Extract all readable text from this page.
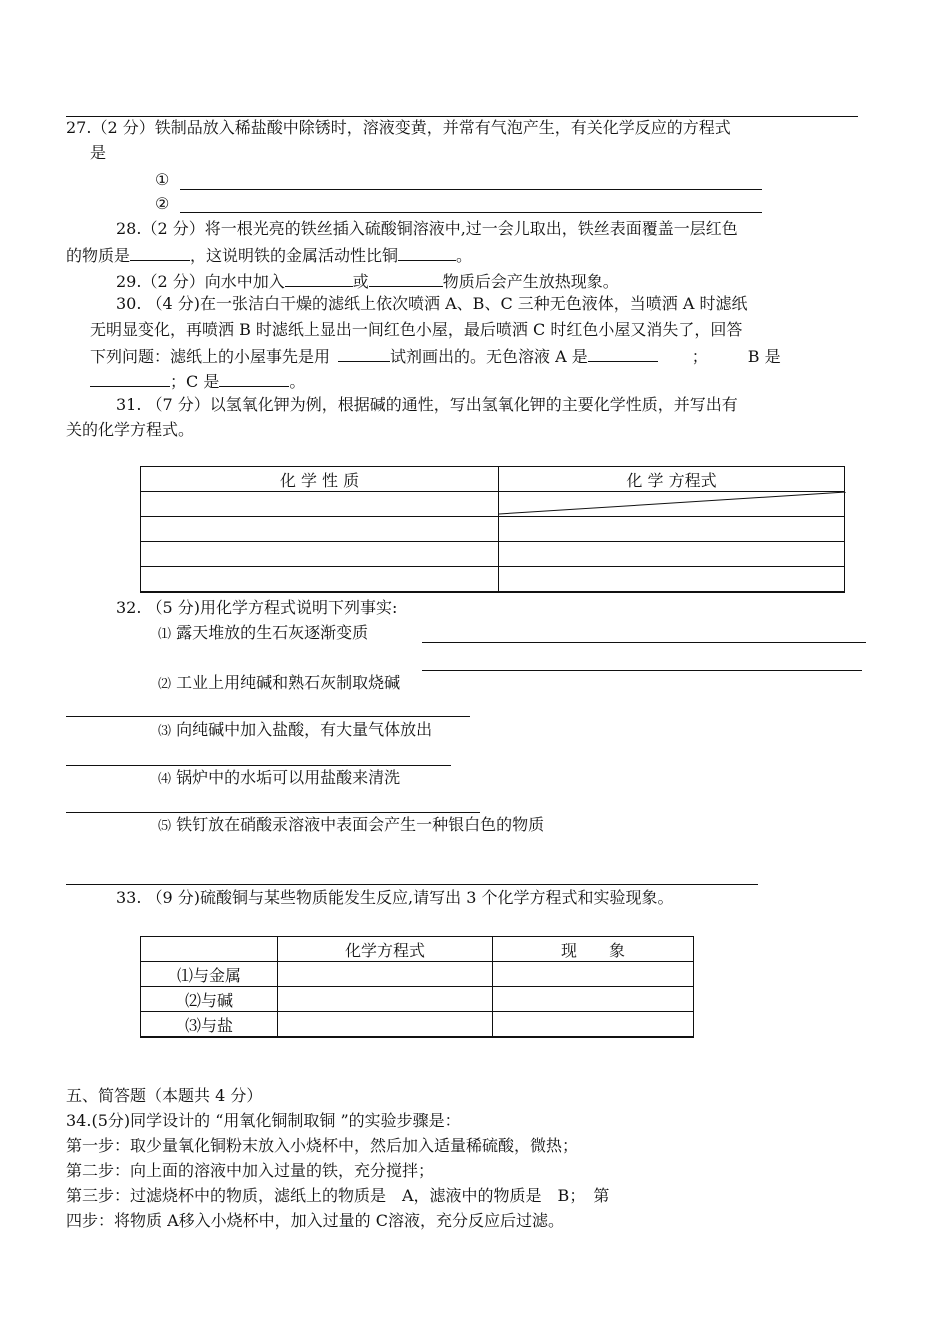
27.（2 分）铁制品放入稀盐酸中除锈时，溶液变黄，并常有气泡产生，有关化学反应的方程式
是
①
②
28.（2 分）将一根光亮的铁丝插入硫酸铜溶液中,过一会儿取出，铁丝表面覆盖一层红色
的物质是	，这说明铁的金属活动性比铜	。
29.（2 分）向水中加入	或	物质后会产生放热现象。
30. （4 分)在一张洁白干燥的滤纸上依次喷洒 A、B、C 三种无色液体，当喷洒 A 时滤纸
无明显变化，再喷洒 B 时滤纸上显出一间红色小屋，最后喷洒 C 时红色小屋又消失了，回答
下列问题：滤纸上的小屋事先是用	试剂画出的。无色溶液 A 是	；	B 是
；C 是	。
31. （7 分）以氢氧化钾为例，根据碱的通性，写出氢氧化钾的主要化学性质，并写出有
关的化学方程式。
化 学 性 质	化 学 方程式

32. （5 分)用化学方程式说明下列事实:
⑴ 露天堆放的生石灰逐渐变质
⑵ 工业上用纯碱和熟石灰制取烧碱
⑶ 向纯碱中加入盐酸，有大量气体放出
⑷ 锅炉中的水垢可以用盐酸来清洗
⑸ 铁钉放在硝酸汞溶液中表面会产生一种银白色的物质
33. （9 分)硫酸铜与某些物质能发生反应,请写出 3 个化学方程式和实验现象。
	化学方程式	现　　象
⑴与金属		
⑵与碱		
⑶与盐		
五、简答题（本题共 4 分）
34.(5分)同学设计的 “用氧化铜制取铜 ”的实验步骤是：
第一步：取少量氧化铜粉末放入小烧杯中，然后加入适量稀硫酸，微热；
第二步：向上面的溶液中加入过量的铁，充分搅拌；
第三步：过滤烧杯中的物质，滤纸上的物质是　A，滤液中的物质是　B；　第
四步：将物质 A移入小烧杯中，加入过量的 C溶液，充分反应后过滤。
